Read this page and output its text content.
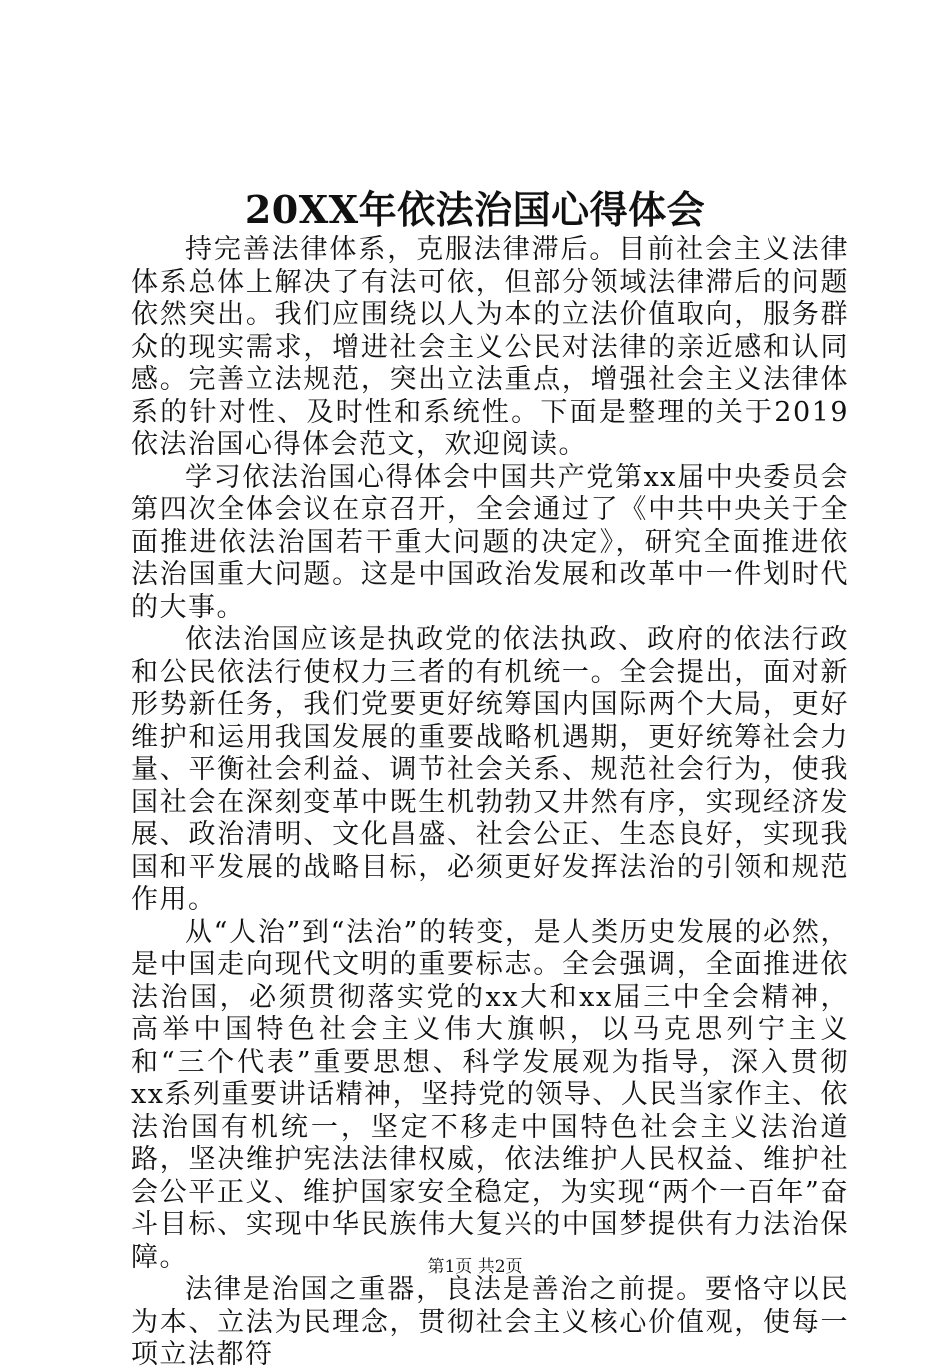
20XX年依法治国心得体会

持完善法律体系，克服法律滞后。目前社会主义法律体系总体上解决了有法可依，但部分领域法律滞后的问题依然突出。我们应围绕以人为本的立法价值取向，服务群众的现实需求，增进社会主义公民对法律的亲近感和认同感。完善立法规范，突出立法重点，增强社会主义法律体系的针对性、及时性和系统性。下面是整理的关于2019依法治国心得体会范文，欢迎阅读。

学习依法治国心得体会中国共产党第xx届中央委员会第四次全体会议在京召开，全会通过了《中共中央关于全面推进依法治国若干重大问题的决定》，研究全面推进依法治国重大问题。这是中国政治发展和改革中一件划时代的大事。

依法治国应该是执政党的依法执政、政府的依法行政和公民依法行使权力三者的有机统一。全会提出，面对新形势新任务，我们党要更好统筹国内国际两个大局，更好维护和运用我国发展的重要战略机遇期，更好统筹社会力量、平衡社会利益、调节社会关系、规范社会行为，使我国社会在深刻变革中既生机勃勃又井然有序，实现经济发展、政治清明、文化昌盛、社会公正、生态良好，实现我国和平发展的战略目标，必须更好发挥法治的引领和规范作用。

从“人治”到“法治”的转变，是人类历史发展的必然，是中国走向现代文明的重要标志。全会强调，全面推进依法治国，必须贯彻落实党的xx大和xx届三中全会精神，高举中国特色社会主义伟大旗帜，以马克思列宁主义和“三个代表”重要思想、科学发展观为指导，深入贯彻xx系列重要讲话精神，坚持党的领导、人民当家作主、依法治国有机统一，坚定不移走中国特色社会主义法治道路，坚决维护宪法法律权威，依法维护人民权益、维护社会公平正义、维护国家安全稳定，为实现“两个一百年”奋斗目标、实现中华民族伟大复兴的中国梦提供有力法治保障。

法律是治国之重器，良法是善治之前提。要恪守以民为本、立法为民理念，贯彻社会主义核心价值观，使每一项立法都符

第1页 共2页
